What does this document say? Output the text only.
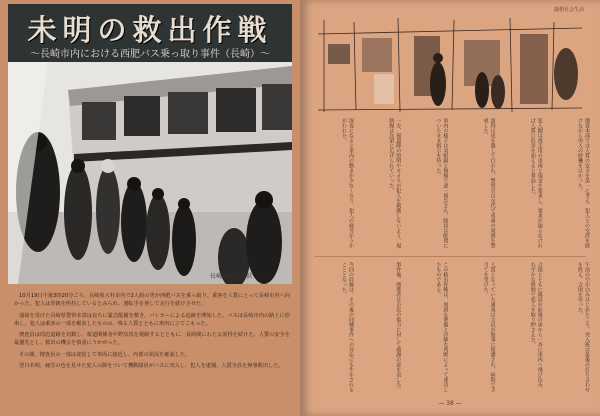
未明の救出作戦
～長崎市内における西肥バス乗っ取り事件（長崎）～
長崎新聞社提供

10月19日午後3時20分ごろ、長崎県大村市内で2人組の男が西肥バスを乗っ取り、乗客を人質にとって長崎市内へ向かった。犯人は拳銃を所持しているとみられ、運転手を脅して走行を続けさせた。

通報を受けた長崎県警察本部は直ちに緊急配備を敷き、パトカーによる追跡を開始した。バスは長崎市内の路上に停車し、犯人は乗客の一部を解放したものの、残る人質とともに車内に立てこもった。

捜査員は周辺道路を封鎖し、報道関係者や野次馬を規制するとともに、長時間にわたる説得を続けた。人質の安全を最優先とし、救出の機会を慎重にうかがった。

その間、捜査員の一部は変装して車両に接近し、内部の状況を確認した。

翌日未明、疲労の色を見せた犯人の隙をついて機動隊員がバスに突入し、犯人を逮捕、人質全員を無事救出した。

随想社会生活
捜査本部では人質の安全を第一に考え、犯人との交渉を続けながら突入の時機をはかった。
犯人側は逃走用の車両と現金を要求し、要求が通らなければ人質に危害を加えると脅迫した。
説得は夜を徹して行われ、警察官は交代で車両の周囲を警戒した。
車内の様子は双眼鏡と無線で逐一報告され、隊員は配置についたまま指示を待った。
一方、報道陣の照明やカメラが犯人を刺激しないよう、規制線は次第に広げられていった。
深夜になると車内の動きが少なくなり、犯人の疲労がうかがわれた。
午前の空が白みはじめたころ、突入班は最後の打ち合わせを終え、合図を待った。
合図とともに隊員が前後の扉から一斉に車内へ飛び込み、わずかな時間で犯人を取り押さえた。
人質となっていた乗客は全員が無事に保護され、病院で手当てを受けた。
この救出作戦は、周到な準備と冷静な判断によって成功したものである。
事件後、関係者は市民の協力に対して感謝の意を表した。
今回の経験は、その後の同種事件への対応にも生かされることとなった。
— 38 —
